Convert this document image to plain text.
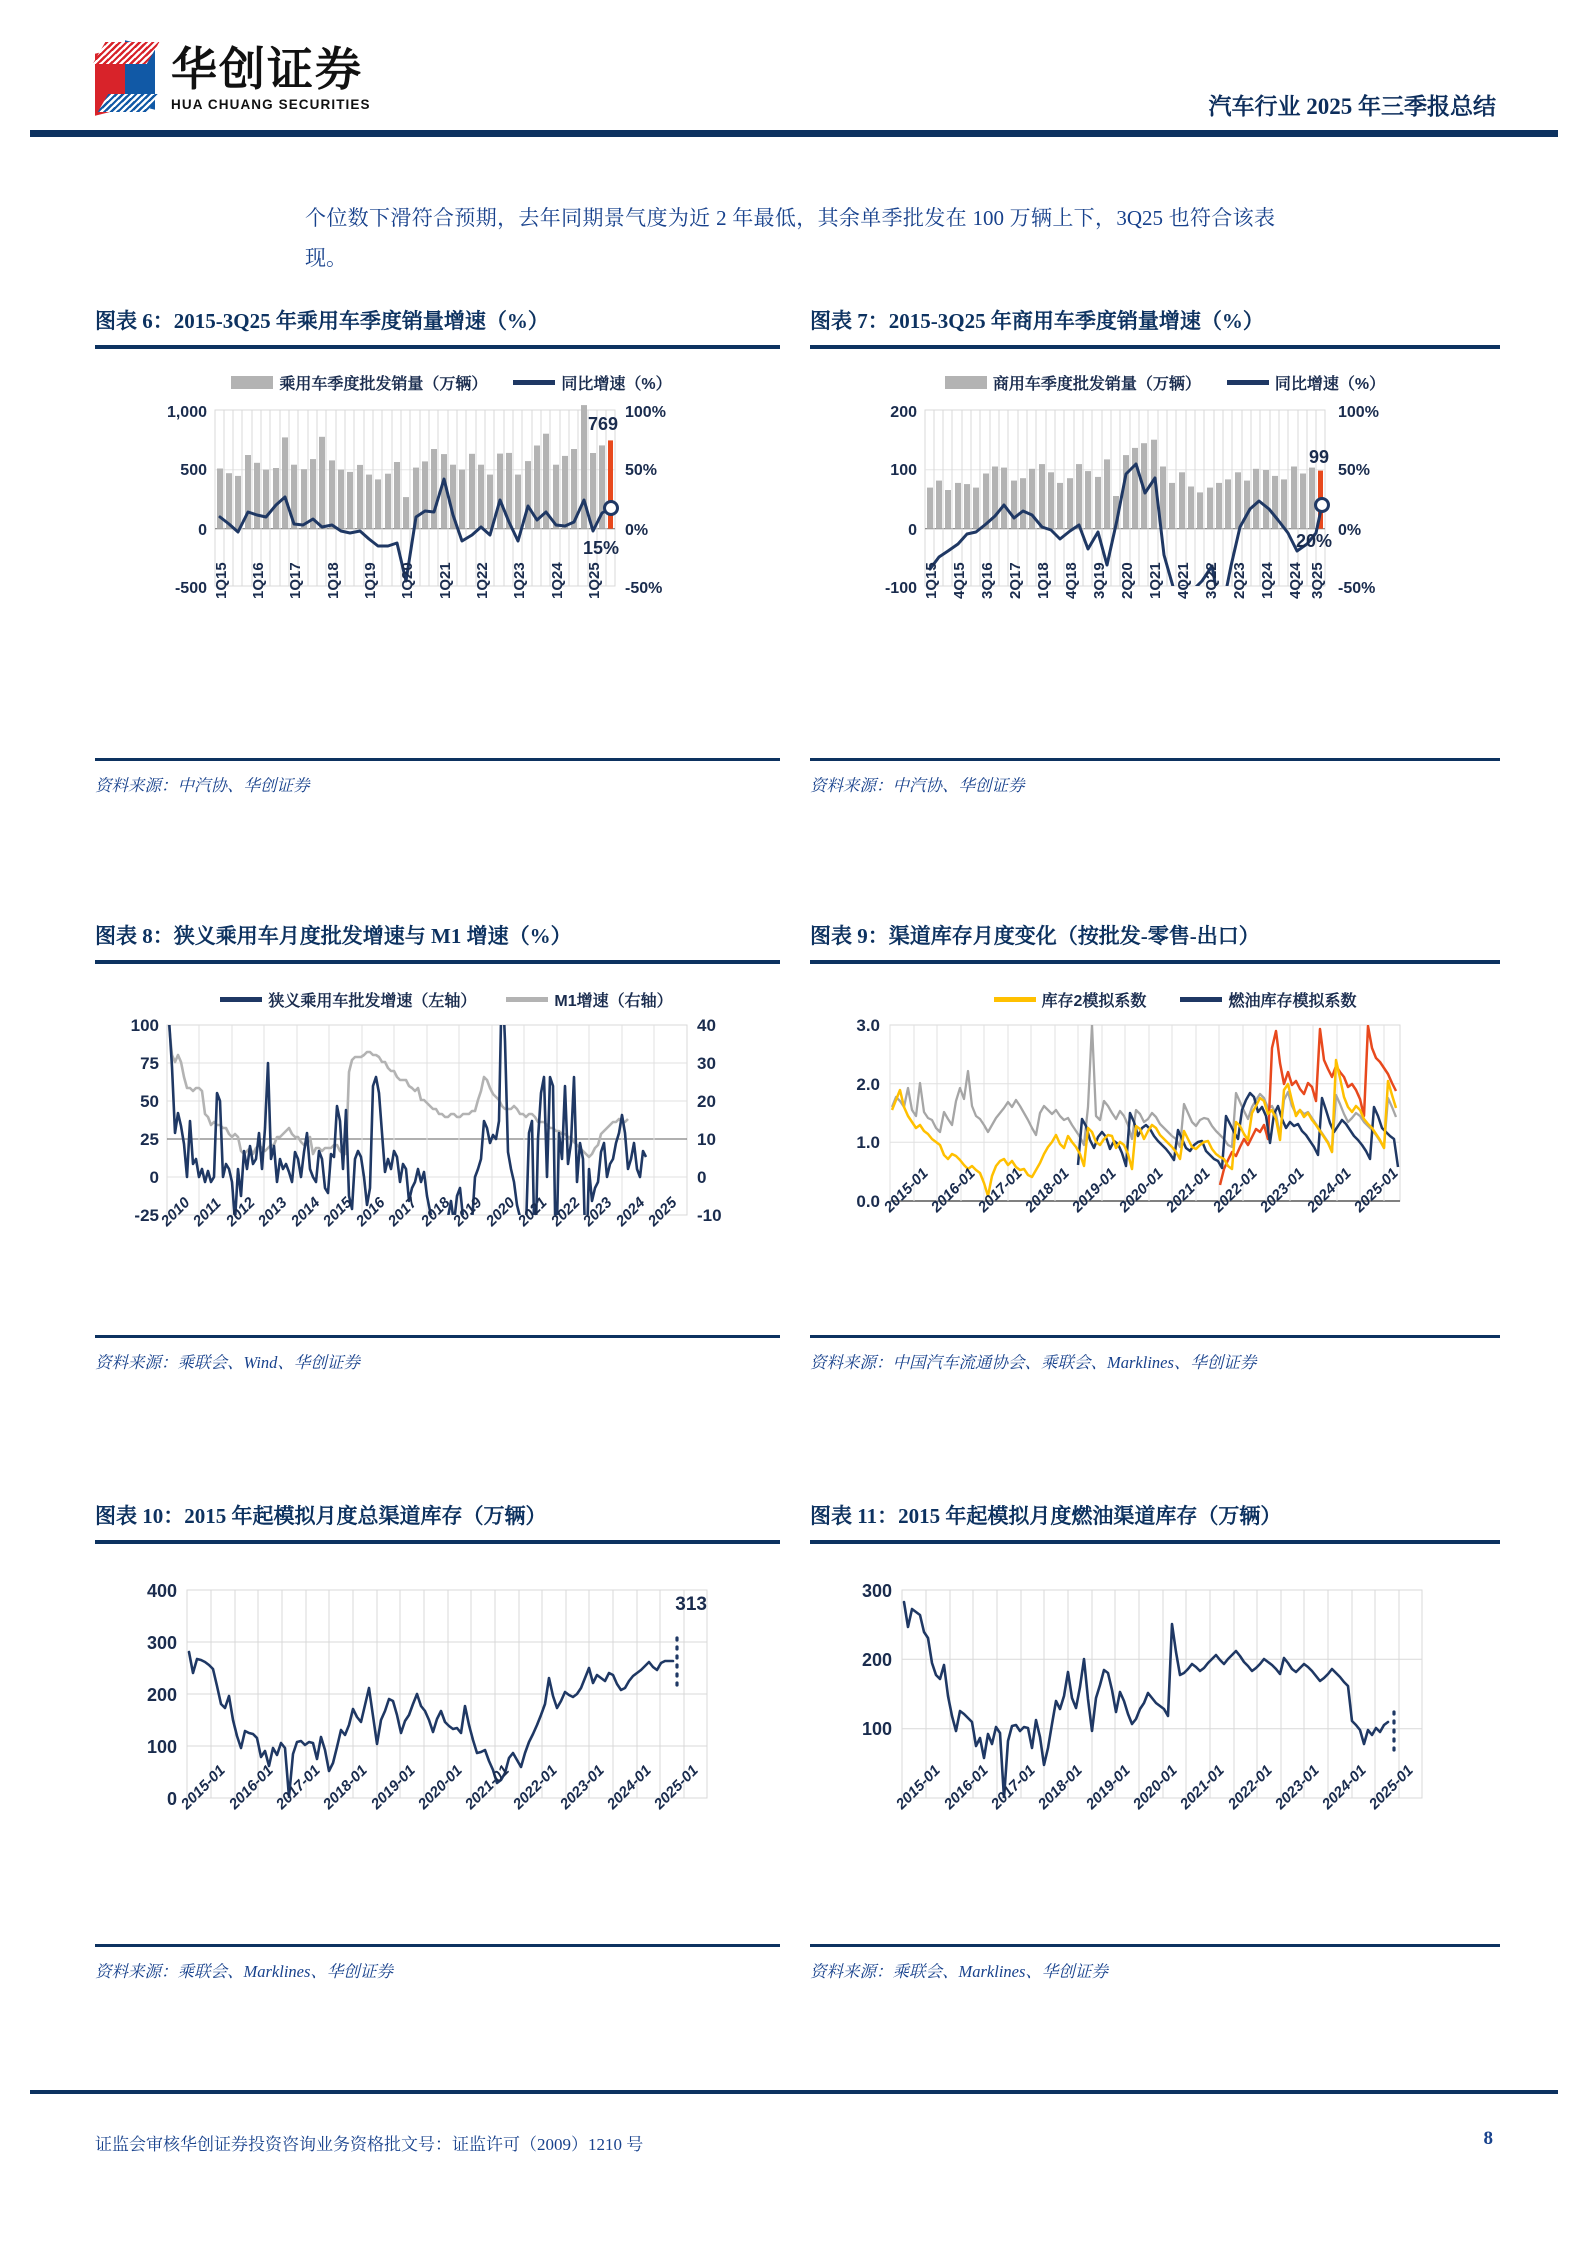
华创证券
HUA CHUANG SECURITIES	汽车行业 2025 年三季报总结
个位数下滑符合预期，去年同期景气度为近 2 年最低，其余单季批发在 100 万辆上下，3Q25 也符合该表现。
图表 6：2015-3Q25 年乘用车季度销量增速（%）
乘用车季度批发销量（万辆）	同比增速（%）
1,000
500
0
-500
100%
50%
0%
-50%
769
15%
1Q15 1Q16 1Q17 1Q18 1Q19 1Q20 1Q21 1Q22 1Q23 1Q24 1Q25
资料来源：中汽协、华创证券
图表 7：2015-3Q25 年商用车季度销量增速（%）
商用车季度批发销量（万辆）	同比增速（%）
200
100
0
-100
100%
50%
0%
-50%
99
20%
1Q15 4Q15 3Q16 2Q17 1Q18 4Q18 3Q19 2Q20 1Q21 4Q21 3Q22 2Q23 1Q24 4Q24 3Q25
资料来源：中汽协、华创证券
图表 8：狭义乘用车月度批发增速与 M1 增速（%）
狭义乘用车批发增速（左轴）	M1增速（右轴）
100
75
50
25
0
-25
40
30
20
10
0
-10
2010
2011
2012
2013
2014
2015
2016
2017
2018
2019
2020
2021
2022
2023
2024
2025
资料来源：乘联会、Wind、华创证券
图表 9：渠道库存月度变化（按批发-零售-出口）
库存2模拟系数	燃油库存模拟系数
3.0
2.0
1.0
0.0 2015-01
2016-01
2017-01
2018-01
2019-01
2020-01
2021-01
2022-01
2023-01
2024-01
2025-01
资料来源：中国汽车流通协会、乘联会、Marklines、华创证券
图表 10：2015 年起模拟月度总渠道库存（万辆）
400
300
200
100
0
313
2015-01
2016-01
2017-01
2018-01
2019-01
2020-01
2021-01
2022-01
2023-01
2024-01
2025-01
资料来源：乘联会、Marklines、华创证券
图表 11：2015 年起模拟月度燃油渠道库存（万辆）
300
200
100
2015-01
2016-01
2017-01
2018-01
2019-01
2020-01
2021-01
2022-01
2023-01
2024-01
2025-01
资料来源：乘联会、Marklines、华创证券
证监会审核华创证券投资咨询业务资格批文号：证监许可（2009）1210 号	8
